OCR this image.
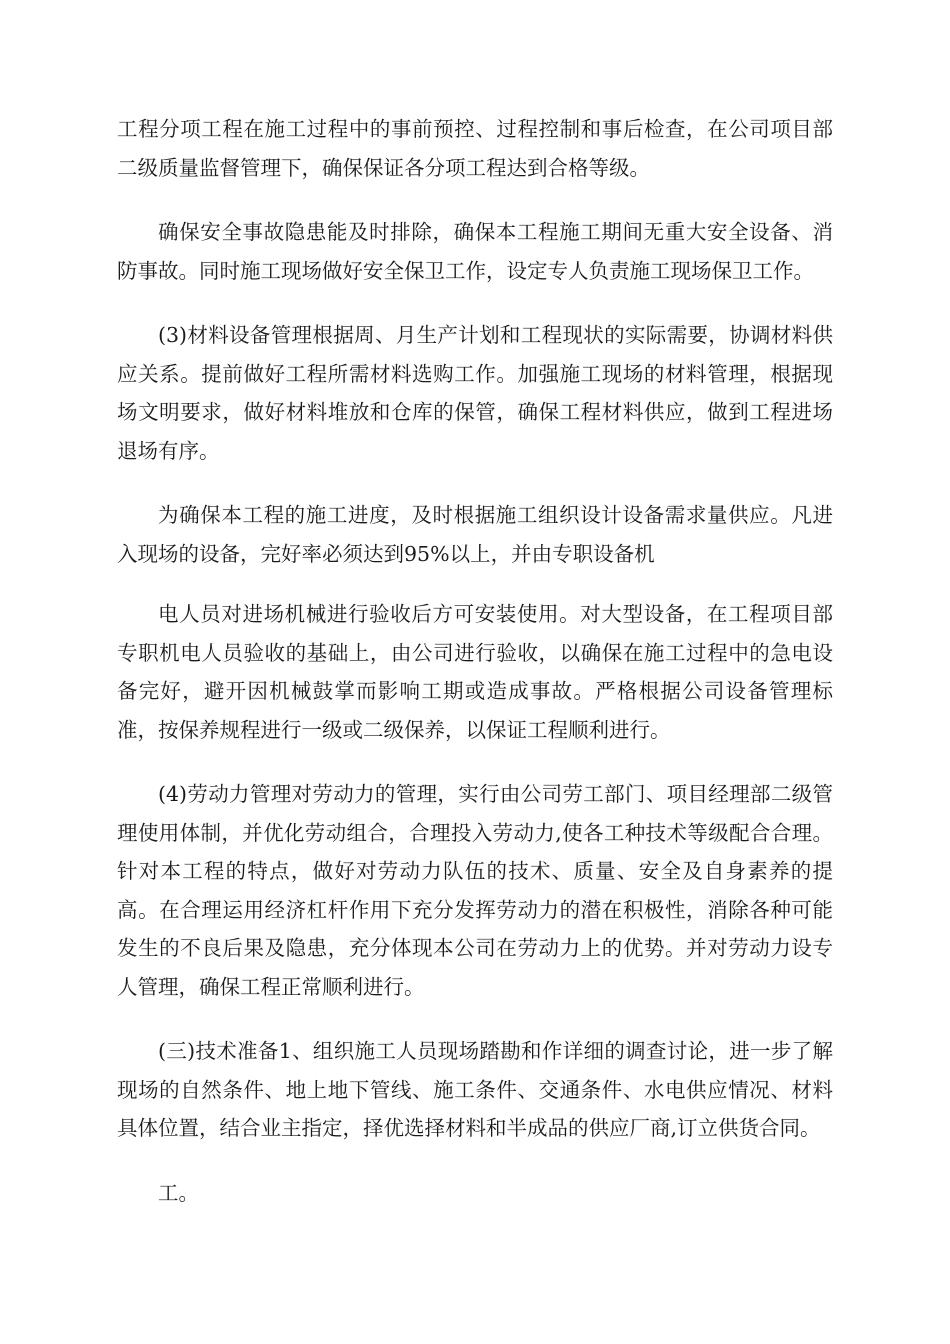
工程分项工程在施工过程中的事前预控、过程控制和事后检查，在公司项目部二级质量监督管理下，确保保证各分项工程达到合格等级。

确保安全事故隐患能及时排除，确保本工程施工期间无重大安全设备、消防事故。同时施工现场做好安全保卫工作，设定专人负责施工现场保卫工作。

(3)材料设备管理根据周、月生产计划和工程现状的实际需要，协调材料供应关系。提前做好工程所需材料选购工作。加强施工现场的材料管理，根据现场文明要求，做好材料堆放和仓库的保管，确保工程材料供应，做到工程进场退场有序。

为确保本工程的施工进度，及时根据施工组织设计设备需求量供应。凡进入现场的设备，完好率必须达到95%以上，并由专职设备机

电人员对进场机械进行验收后方可安装使用。对大型设备，在工程项目部专职机电人员验收的基础上，由公司进行验收，以确保在施工过程中的急电设备完好，避开因机械鼓掌而影响工期或造成事故。严格根据公司设备管理标准，按保养规程进行一级或二级保养，以保证工程顺利进行。

(4)劳动力管理对劳动力的管理，实行由公司劳工部门、项目经理部二级管理使用体制，并优化劳动组合，合理投入劳动力,使各工种技术等级配合合理。针对本工程的特点，做好对劳动力队伍的技术、质量、安全及自身素养的提高。在合理运用经济杠杆作用下充分发挥劳动力的潜在积极性，消除各种可能发生的不良后果及隐患，充分体现本公司在劳动力上的优势。并对劳动力设专人管理，确保工程正常顺利进行。

(三)技术准备1、组织施工人员现场踏勘和作详细的调查讨论，进一步了解现场的自然条件、地上地下管线、施工条件、交通条件、水电供应情况、材料具体位置，结合业主指定，择优选择材料和半成品的供应厂商,订立供货合同。

工。
